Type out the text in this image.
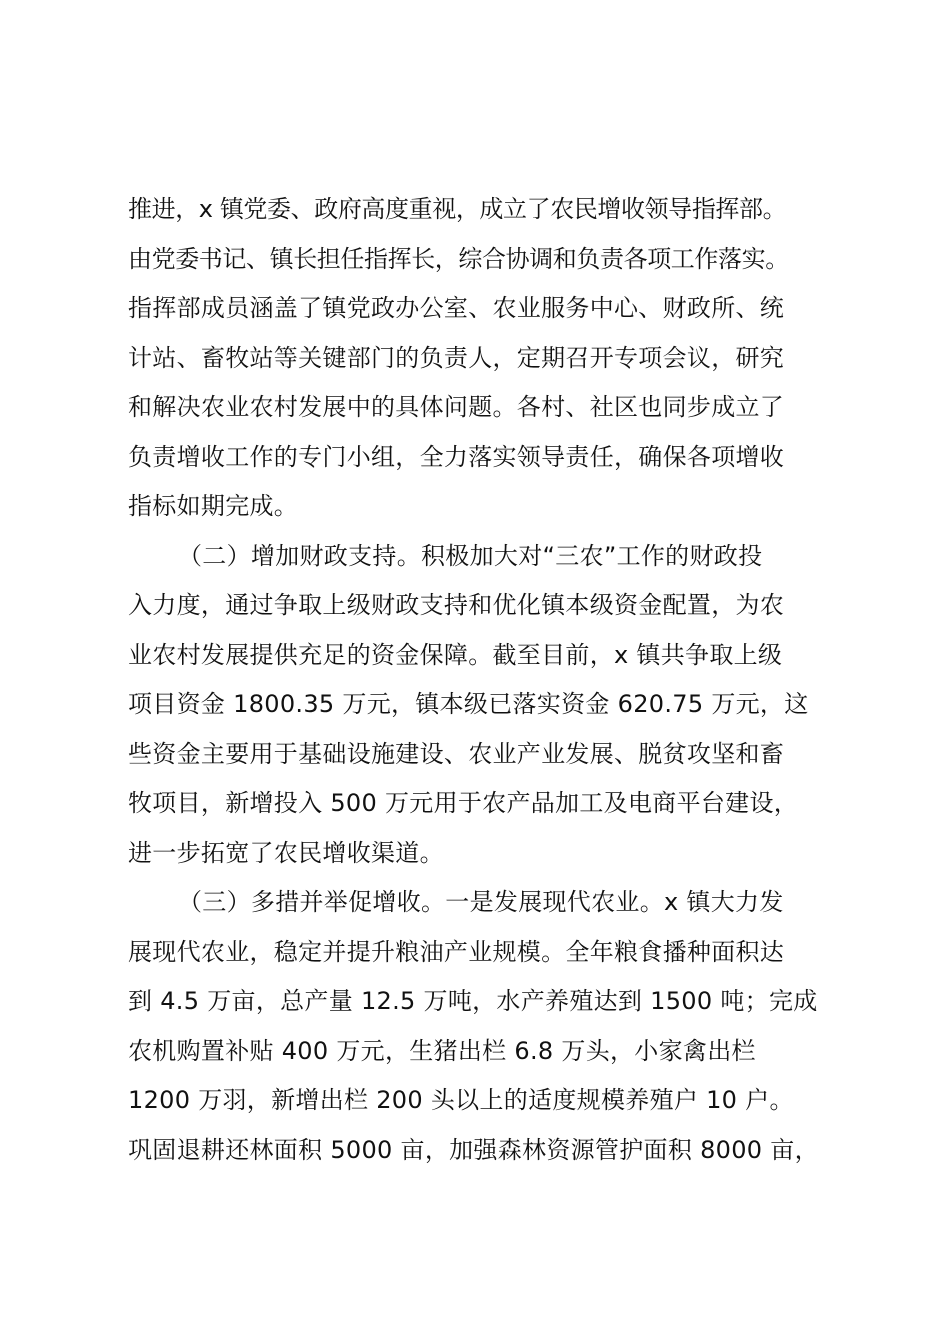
推进，x 镇党委、政府高度重视，成立了农民增收领导指挥部。
由党委书记、镇长担任指挥长，综合协调和负责各项工作落实。
指挥部成员涵盖了镇党政办公室、农业服务中心、财政所、统
计站、畜牧站等关键部门的负责人，定期召开专项会议，研究
和解决农业农村发展中的具体问题。各村、社区也同步成立了
负责增收工作的专门小组，全力落实领导责任，确保各项增收
指标如期完成。
（二）增加财政支持。积极加大对“三农”工作的财政投
入力度，通过争取上级财政支持和优化镇本级资金配置，为农
业农村发展提供充足的资金保障。截至目前，x 镇共争取上级
项目资金 1800.35 万元，镇本级已落实资金 620.75 万元，这
些资金主要用于基础设施建设、农业产业发展、脱贫攻坚和畜
牧项目，新增投入 500 万元用于农产品加工及电商平台建设，
进一步拓宽了农民增收渠道。
（三）多措并举促增收。一是发展现代农业。x 镇大力发
展现代农业，稳定并提升粮油产业规模。全年粮食播种面积达
到 4.5 万亩，总产量 12.5 万吨，水产养殖达到 1500 吨；完成
农机购置补贴 400 万元，生猪出栏 6.8 万头，小家禽出栏
1200 万羽，新增出栏 200 头以上的适度规模养殖户 10 户。
巩固退耕还林面积 5000 亩，加强森林资源管护面积 8000 亩，
